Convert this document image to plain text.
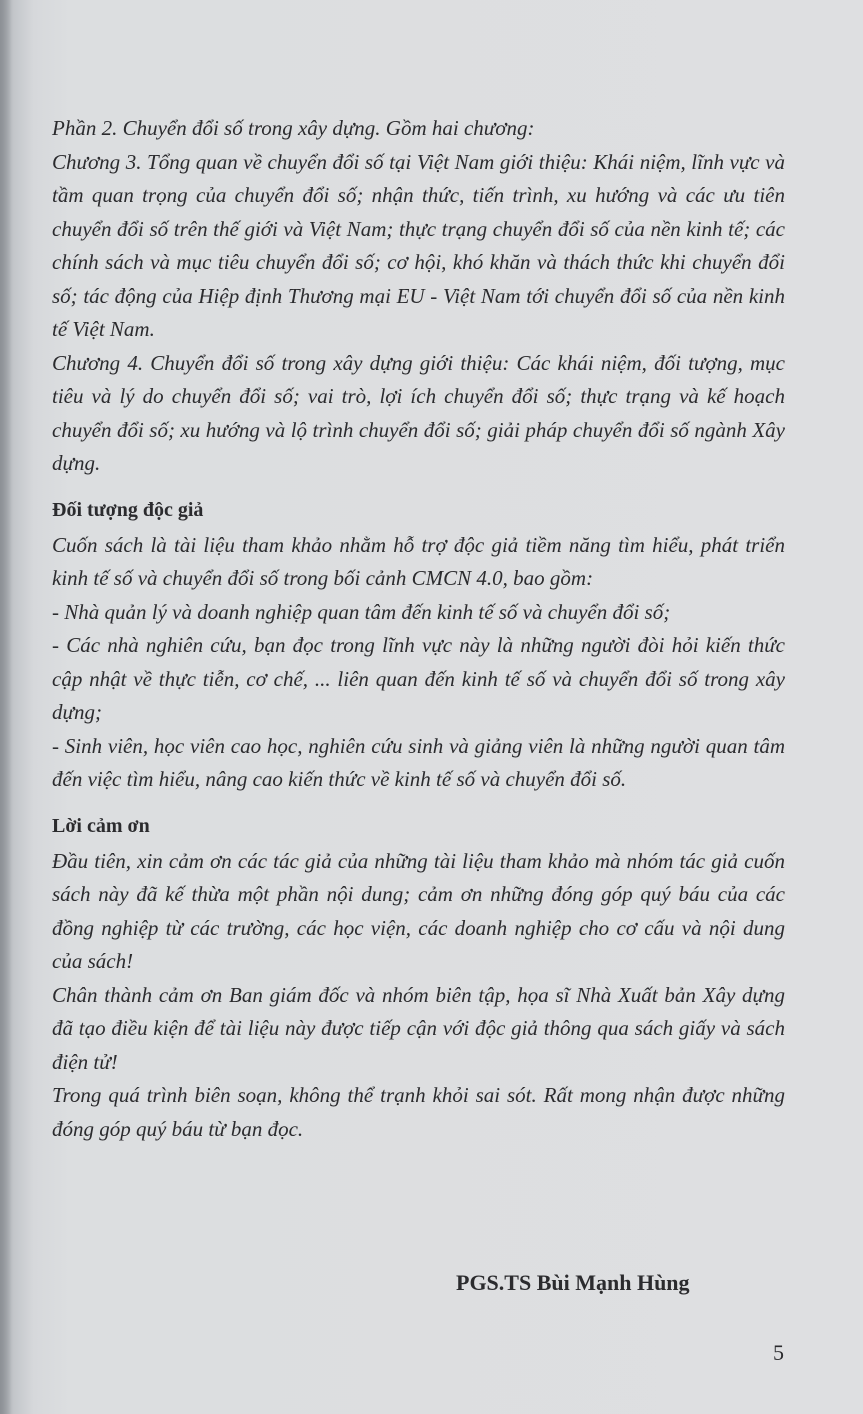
Phần 2. Chuyển đổi số trong xây dựng. Gồm hai chương:

Chương 3. Tổng quan về chuyển đổi số tại Việt Nam giới thiệu: Khái niệm, lĩnh vực và tầm quan trọng của chuyển đổi số; nhận thức, tiến trình, xu hướng và các ưu tiên chuyển đổi số trên thế giới và Việt Nam; thực trạng chuyển đổi số của nền kinh tế; các chính sách và mục tiêu chuyển đổi số; cơ hội, khó khăn và thách thức khi chuyển đổi số; tác động của Hiệp định Thương mại EU - Việt Nam tới chuyển đổi số của nền kinh tế Việt Nam.

Chương 4. Chuyển đổi số trong xây dựng giới thiệu: Các khái niệm, đối tượng, mục tiêu và lý do chuyển đổi số; vai trò, lợi ích chuyển đổi số; thực trạng và kế hoạch chuyển đổi số; xu hướng và lộ trình chuyển đổi số; giải pháp chuyển đổi số ngành Xây dựng.

Đối tượng độc giả

Cuốn sách là tài liệu tham khảo nhằm hỗ trợ độc giả tiềm năng tìm hiểu, phát triển kinh tế số và chuyển đổi số trong bối cảnh CMCN 4.0, bao gồm:

- Nhà quản lý và doanh nghiệp quan tâm đến kinh tế số và chuyển đổi số;

- Các nhà nghiên cứu, bạn đọc trong lĩnh vực này là những người đòi hỏi kiến thức cập nhật về thực tiễn, cơ chế, ... liên quan đến kinh tế số và chuyển đổi số trong xây dựng;

- Sinh viên, học viên cao học, nghiên cứu sinh và giảng viên là những người quan tâm đến việc tìm hiểu, nâng cao kiến thức về kinh tế số và chuyển đổi số.

Lời cảm ơn

Đầu tiên, xin cảm ơn các tác giả của những tài liệu tham khảo mà nhóm tác giả cuốn sách này đã kế thừa một phần nội dung; cảm ơn những đóng góp quý báu của các đồng nghiệp từ các trường, các học viện, các doanh nghiệp cho cơ cấu và nội dung của sách!

Chân thành cảm ơn Ban giám đốc và nhóm biên tập, họa sĩ Nhà Xuất bản Xây dựng đã tạo điều kiện để tài liệu này được tiếp cận với độc giả thông qua sách giấy và sách điện tử!

Trong quá trình biên soạn, không thể trạnh khỏi sai sót. Rất mong nhận được những đóng góp quý báu từ bạn đọc.

PGS.TS Bùi Mạnh Hùng
5
